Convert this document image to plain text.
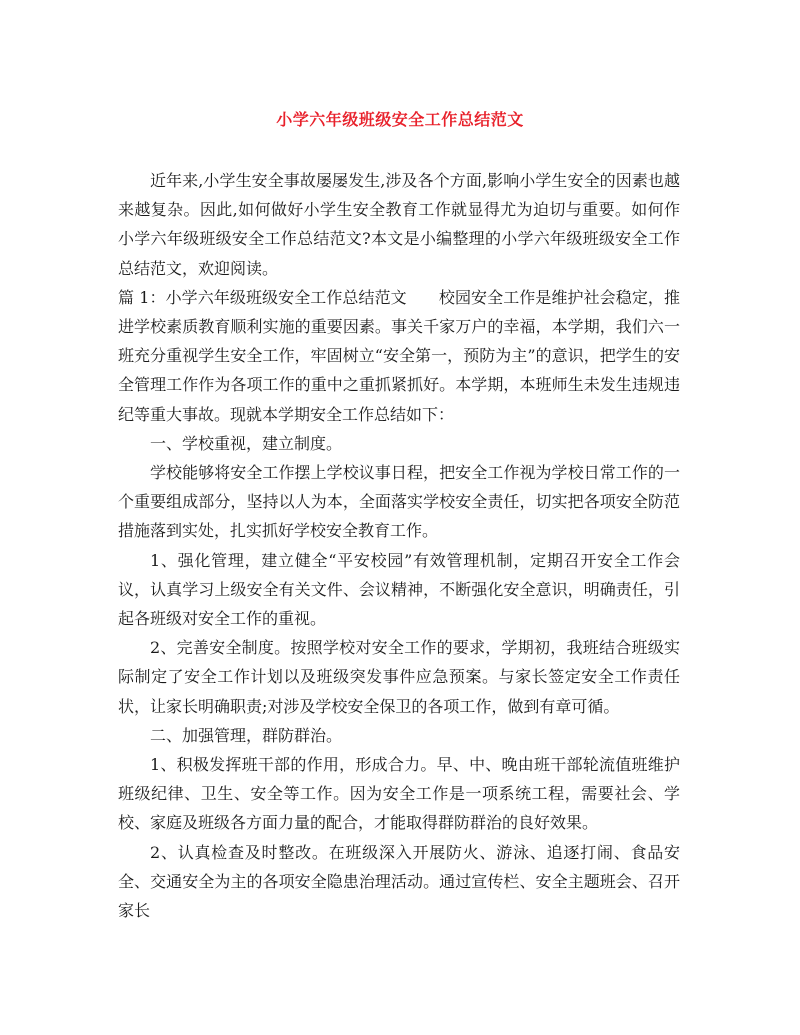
小学六年级班级安全工作总结范文

近年来,小学生安全事故屡屡发生,涉及各个方面,影响小学生安全的因素也越来越复杂。因此,如何做好小学生安全教育工作就显得尤为迫切与重要。如何作小学六年级班级安全工作总结范文?本文是小编整理的小学六年级班级安全工作总结范文，欢迎阅读。

篇 1：小学六年级班级安全工作总结范文　　校园安全工作是维护社会稳定，推进学校素质教育顺利实施的重要因素。事关千家万户的幸福，本学期，我们六一班充分重视学生安全工作，牢固树立“安全第一，预防为主”的意识，把学生的安全管理工作作为各项工作的重中之重抓紧抓好。本学期，本班师生未发生违规违纪等重大事故。现就本学期安全工作总结如下：

一、学校重视，建立制度。

学校能够将安全工作摆上学校议事日程，把安全工作视为学校日常工作的一个重要组成部分，坚持以人为本，全面落实学校安全责任，切实把各项安全防范措施落到实处，扎实抓好学校安全教育工作。

1、强化管理，建立健全“平安校园”有效管理机制，定期召开安全工作会议，认真学习上级安全有关文件、会议精神，不断强化安全意识，明确责任，引起各班级对安全工作的重视。

2、完善安全制度。按照学校对安全工作的要求，学期初，我班结合班级实际制定了安全工作计划以及班级突发事件应急预案。与家长签定安全工作责任状，让家长明确职责;对涉及学校安全保卫的各项工作，做到有章可循。

二、加强管理，群防群治。

1、积极发挥班干部的作用，形成合力。早、中、晚由班干部轮流值班维护班级纪律、卫生、安全等工作。因为安全工作是一项系统工程，需要社会、学校、家庭及班级各方面力量的配合，才能取得群防群治的良好效果。

2、认真检查及时整改。在班级深入开展防火、游泳、追逐打闹、食品安全、交通安全为主的各项安全隐患治理活动。通过宣传栏、安全主题班会、召开家长
